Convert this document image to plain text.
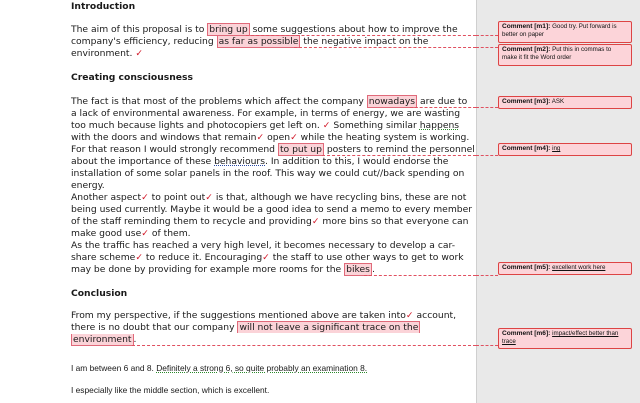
Introduction
The aim of this proposal is to bring up some suggestions about how to improve the
company's efficiency, reducing as far as possible the negative impact on the
environment. ✓
Creating consciousness
The fact is that most of the problems which affect the company nowadays are due to
a lack of environmental awareness. For example, in terms of energy, we are wasting
too much because lights and photocopiers get left on. ✓ Something similar happens
with the doors and windows that remain✓ open✓ while the heating system is working.
For that reason I would strongly recommend to put up posters to remind the personnel
about the importance of these behaviours. In addition to this, I would endorse the
installation of some solar panels in the roof. This way we could cut//back spending on
energy.
Another aspect✓ to point out✓ is that, although we have recycling bins, these are not
being used currently. Maybe it would be a good idea to send a memo to every member
of the staff reminding them to recycle and providing✓ more bins so that everyone can
make good use✓ of them.
As the traffic has reached a very high level, it becomes necessary to develop a car-
share scheme✓ to reduce it. Encouraging✓ the staff to use other ways to get to work
may be done by providing for example more rooms for the bikes .
Conclusion
From my perspective, if the suggestions mentioned above are taken into✓ account,
there is no doubt that our company will not leave a significant trace on the
environment .
I am between 6 and 8. Definitely a strong 6, so quite probably an examination 8.
I especially like the middle section, which is excellent.
Comment [m1]: Good try. Put forward is better on paper
Comment [m2]: Put this in commas to make it fit the Word order
Comment [m3]: ASK
Comment [m4]: ing
Comment [m5]: excellent work here
Comment [m6]: impact/effect better than trace
